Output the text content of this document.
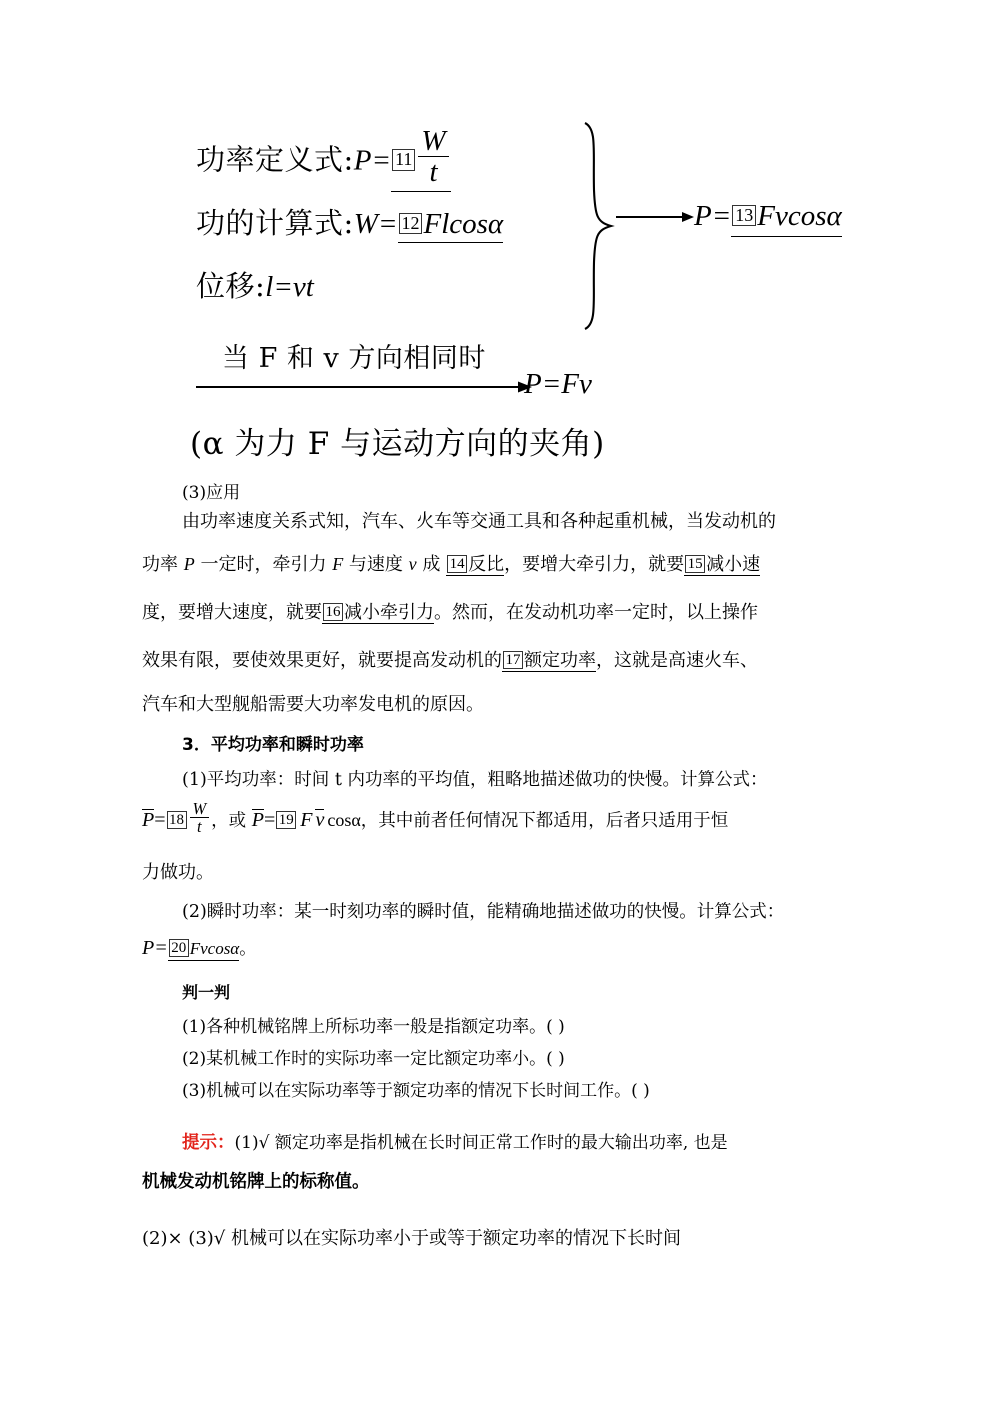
功率定义式:P= $11 \frac{W}{t}$
功的计算式:W= 12 Flcosα
位移:l=vt
P= 13 Fvcosα
当 F 和 v 方向相同时
P=Fv
(α 为力 F 与运动方向的夹角)
(3)应用
由功率速度关系式知，汽车、火车等交通工具和各种起重机械，当发动机的
功率 P 一定时，牵引力 F 与速度 v 成 14 反比，要增大牵引力，就要 15 减小速
度，要增大速度，就要 16 减小牵引力。然而，在发动机功率一定时，以上操作
效果有限，要使效果更好，就要提高发动机的 17 额定功率，这就是高速火车、
汽车和大型舰船需要大功率发电机的原因。
3．平均功率和瞬时功率
(1)平均功率：时间 t 内功率的平均值，粗略地描述做功的快慢。计算公式：
$P= 18 \frac{W}{t}$ ，或 P= 19 F v cosα，其中前者任何情况下都适用，后者只适用于恒
力做功。
(2)瞬时功率：某一时刻功率的瞬时值，能精确地描述做功的快慢。计算公式：
P= 20 Fvcosα。
判一判
(1)各种机械铭牌上所标功率一般是指额定功率。( )
(2)某机械工作时的实际功率一定比额定功率小。( )
(3)机械可以在实际功率等于额定功率的情况下长时间工作。( )
提示：(1)√ 额定功率是指机械在长时间正常工作时的最大输出功率, 也是
机械发动机铭牌上的标称值。
(2)× (3)√ 机械可以在实际功率小于或等于额定功率的情况下长时间
